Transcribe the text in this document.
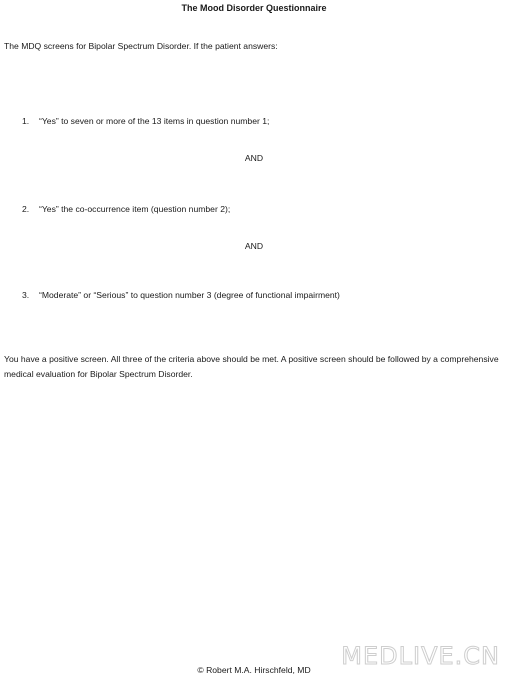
The Mood Disorder Questionnaire
The MDQ screens for Bipolar Spectrum Disorder. If the patient answers:
1.	“Yes” to seven or more of the 13 items in question number 1;
AND
2.	“Yes” the co-occurrence item (question number 2);
AND
3.	“Moderate” or “Serious” to question number 3 (degree of functional impairment)
You have a positive screen. All three of the criteria above should be met. A positive screen should be followed by a comprehensive medical evaluation for Bipolar Spectrum Disorder.
© Robert M.A. Hirschfeld, MD	MEDLIVE.CN
